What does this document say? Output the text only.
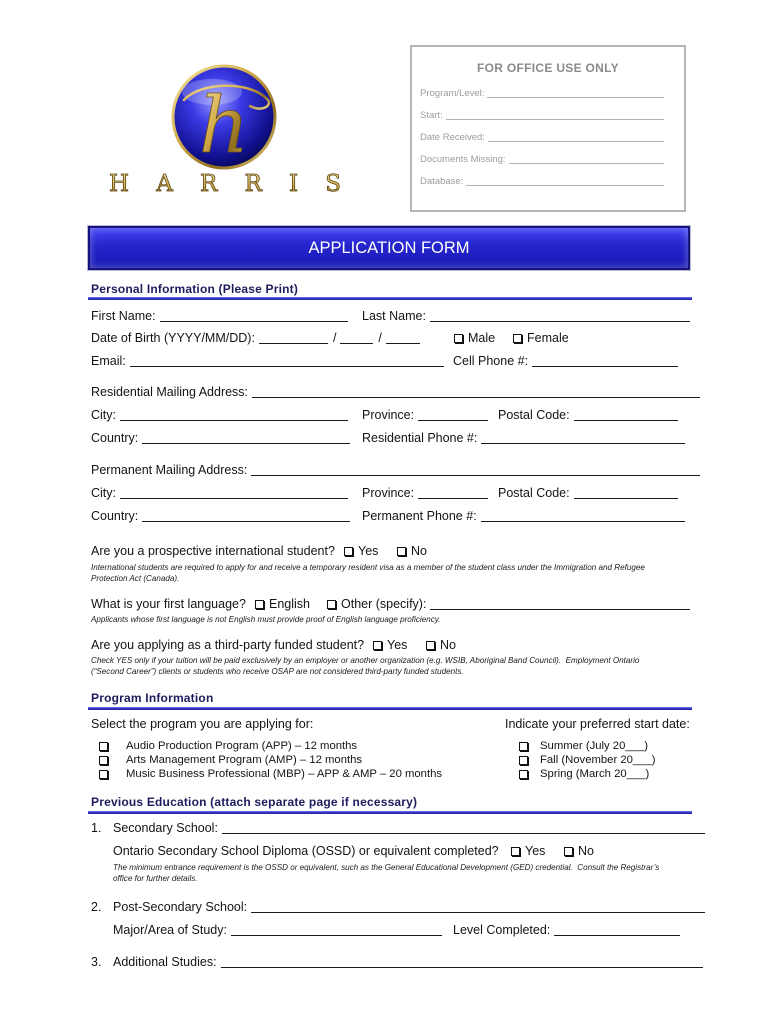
h
HARRIS
FOR OFFICE USE ONLY
Program/Level:
Start:
Date Received:
Documents Missing:
Database:
APPLICATION FORM
Personal Information (Please Print)
First Name:	Last Name:
Date of Birth (YYYY/MM/DD):	/	/	Male	Female
Email:	Cell Phone #:
Residential Mailing Address:
City:	Province:	Postal Code:
Country:	Residential Phone #:
Permanent Mailing Address:
City:	Province:	Postal Code:
Country:	Permanent Phone #:
Are you a prospective international student? Yes	No
International students are required to apply for and receive a temporary resident visa as a member of the student class under the Immigration and Refugee Protection Act (Canada).
What is your first language? English Other (specify):
Applicants whose first language is not English must provide proof of English language proficiency.
Are you applying as a third-party funded student? Yes	No
Check YES only if your tuition will be paid exclusively by an employer or another organization (e.g. WSIB, Aboriginal Band Council).  Employment Ontario (“Second Career”) clients or students who receive OSAP are not considered third-party funded students.
Program Information
Select the program you are applying for:	Indicate your preferred start date:
Audio Production Program (APP) – 12 months
Arts Management Program (AMP) – 12 months
Music Business Professional (MBP) – APP & AMP – 20 months
Summer (July 20___)
Fall (November 20___)
Spring (March 20___)
Previous Education (attach separate page if necessary)
1. Secondary School:
Ontario Secondary School Diploma (OSSD) or equivalent completed? Yes	No
The minimum entrance requirement is the OSSD or equivalent, such as the General Educational Development (GED) credential.  Consult the Registrar’s office for further details.
2. Post-Secondary School:
Major/Area of Study:	Level Completed:
3. Additional Studies:
